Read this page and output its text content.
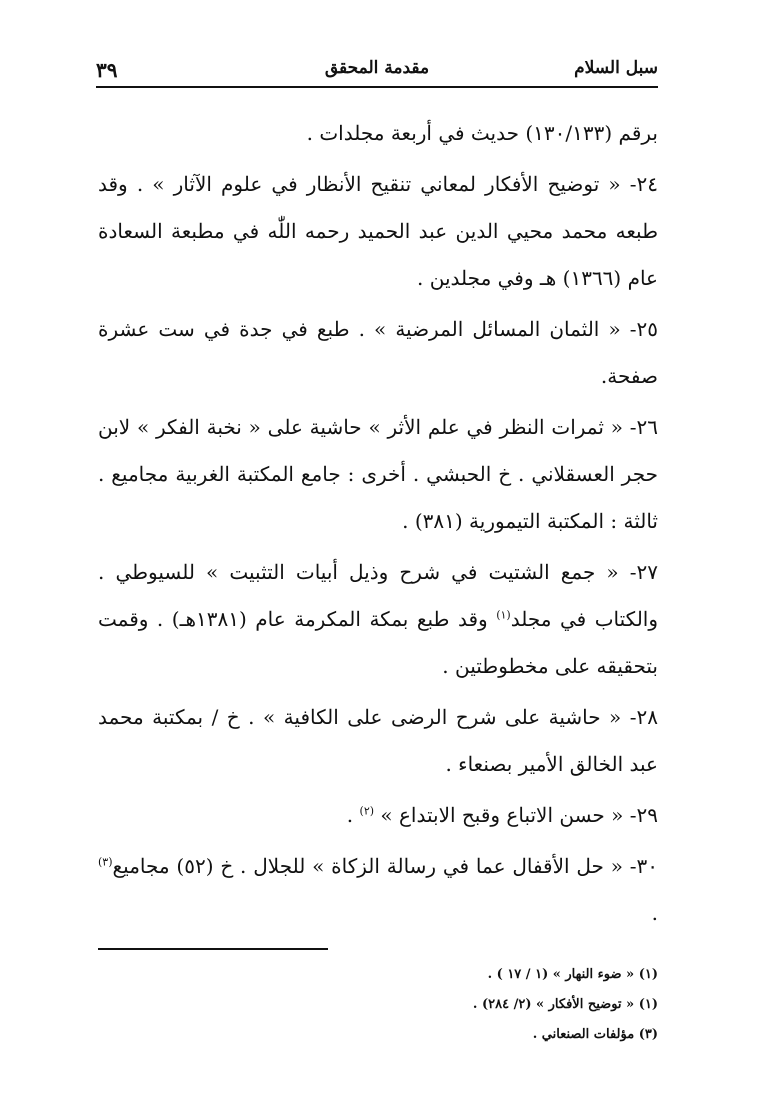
سبل السلام
مقدمة المحقق
٣٩

برقم (١٣٠/١٣٣) حديث في أربعة مجلدات .

٢٤- « توضيح الأفكار لمعاني تنقيح الأنظار في علوم الآثار » . وقد طبعه محمد محيي الدين عبد الحميد رحمه اللّٰه في مطبعة السعادة عام (١٣٦٦) هـ وفي مجلدين .

٢٥- « الثمان المسائل المرضية » . طبع في جدة في ست عشرة صفحة.

٢٦- « ثمرات النظر في علم الأثر » حاشية على « نخبة الفكر » لابن حجر العسقلاني . خ الحبشي . أخرى : جامع المكتبة الغربية مجاميع . ثالثة : المكتبة التيمورية (٣٨١) .

٢٧- « جمع الشتيت في شرح وذيل أبيات التثبيت » للسيوطي . والكتاب في مجلد$^{(١)}$ وقد طبع بمكة المكرمة عام (١٣٨١هـ) . وقمت بتحقيقه على مخطوطتين .

٢٨- « حاشية على شرح الرضى على الكافية » . خ / بمكتبة محمد عبد الخالق الأمير بصنعاء .

٢٩- « حسن الاتباع وقبح الابتداع » $^{(٢)}$ .

٣٠- « حل الأقفال عما في رسالة الزكاة » للجلال . خ (٥٢) مجاميع$^{(٣)}$ .

(١) « ضوء النهار » (١ / ١٧ ) .
(١) « توضيح الأفكار » (٢/ ٢٨٤) .
(٣) مؤلفات الصنعاني .
